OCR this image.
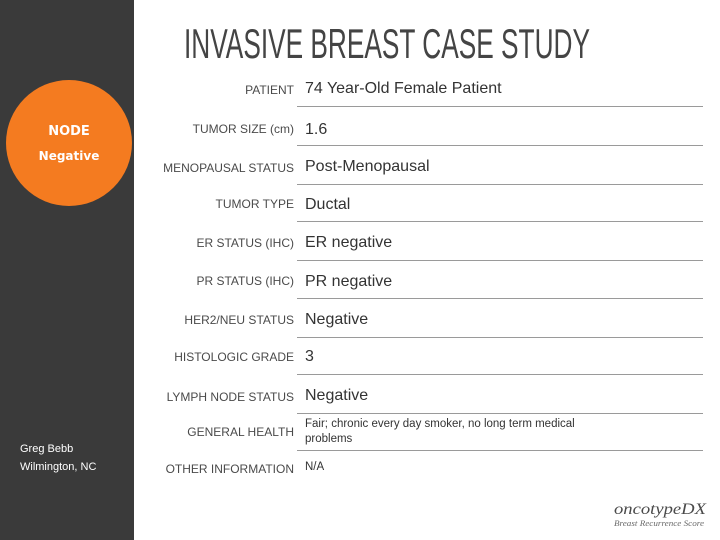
NODE
Negative
Greg Bebb
Wilmington, NC
INVASIVE BREAST CASE STUDY
PATIENT 74 Year-Old Female Patient
TUMOR SIZE (cm) 1.6
MENOPAUSAL STATUS Post-Menopausal
TUMOR TYPE Ductal
ER STATUS (IHC) ER negative
PR STATUS (IHC) PR negative
HER2/NEU STATUS Negative
HISTOLOGIC GRADE 3
LYMPH NODE STATUS Negative
GENERAL HEALTH
Fair; chronic every day smoker, no long term medical problems
OTHER INFORMATION N/A
oncotypeDX
Breast Recurrence Score
